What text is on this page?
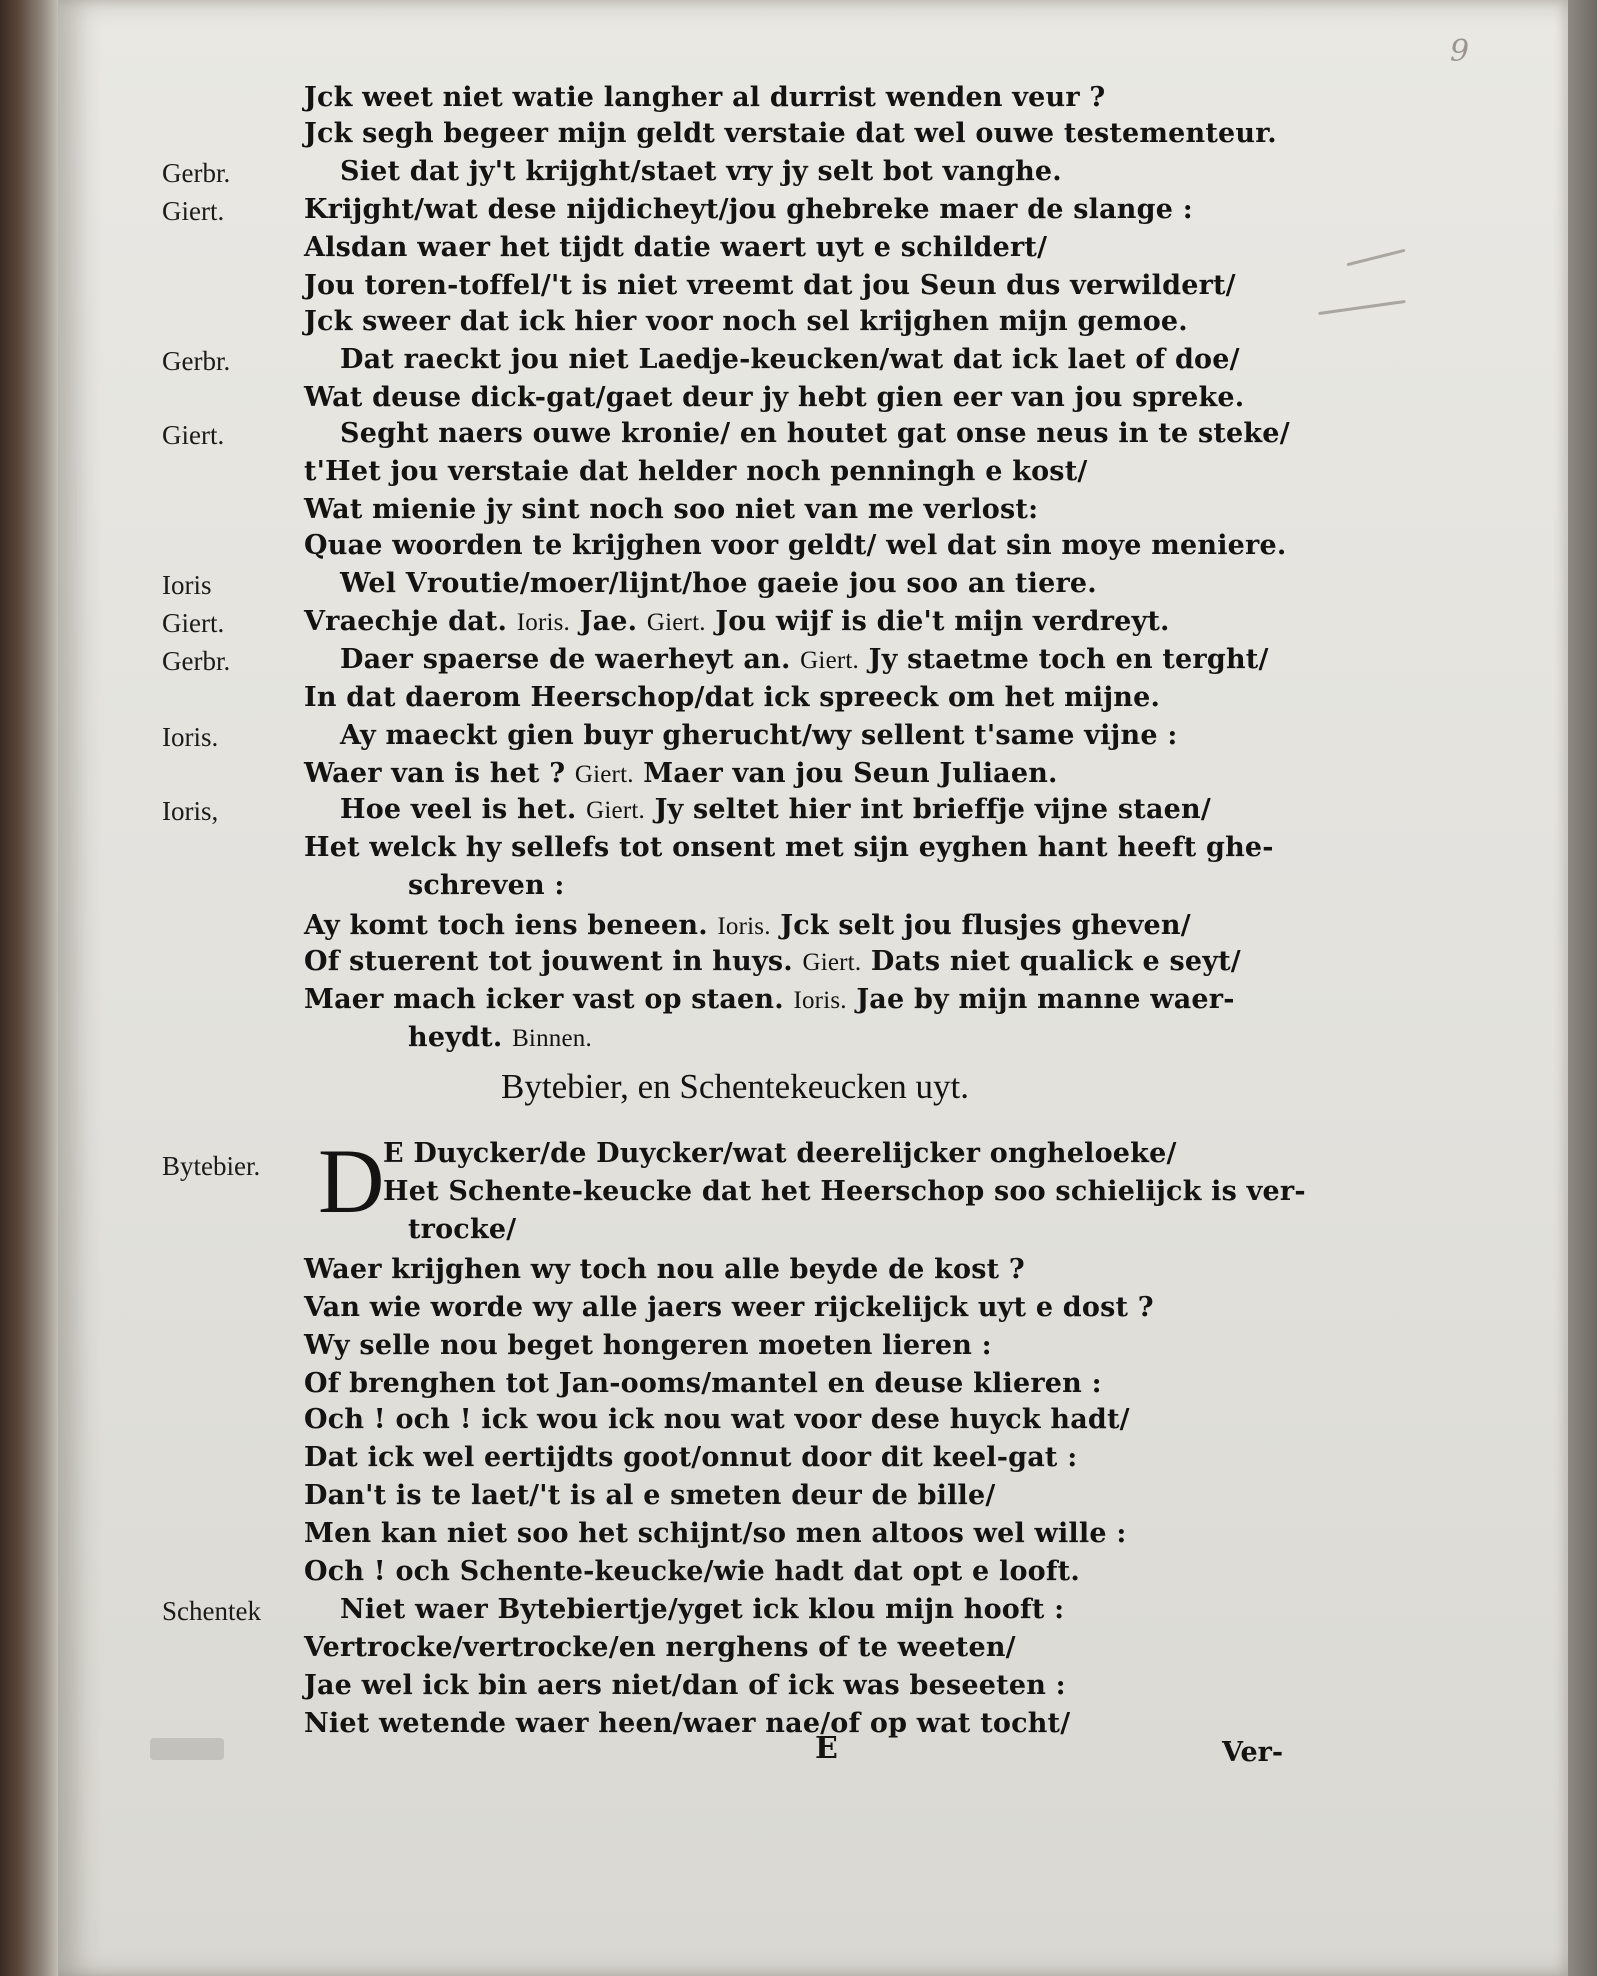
9
Jck weet niet watie langher al durrist wenden veur ?
Jck segh begeer mijn geldt verstaie dat wel ouwe testementeur.
Gerbr.	Siet dat jy't krijght/staet vry jy selt bot vanghe.
Giert.	Krijght/wat dese nijdicheyt/jou ghebreke maer de slange :
Alsdan waer het tijdt datie waert uyt e schildert/
Jou toren-toffel/'t is niet vreemt dat jou Seun dus verwildert/
Jck sweer dat ick hier voor noch sel krijghen mijn gemoe.
Gerbr.	Dat raeckt jou niet Laedje-keucken/wat dat ick laet of doe/
Wat deuse dick-gat/gaet deur jy hebt gien eer van jou spreke.
Giert.	Seght naers ouwe kronie/ en houtet gat onse neus in te steke/
t'Het jou verstaie dat helder noch penningh e kost/
Wat mienie jy sint noch soo niet van me verlost:
Quae woorden te krijghen voor geldt/ wel dat sin moye meniere.
Ioris	Wel Vroutie/moer/lijnt/hoe gaeie jou soo an tiere.
Giert.	Vraechje dat. Ioris. Jae. Giert. Jou wijf is die't mijn verdreyt.
Gerbr.	Daer spaerse de waerheyt an. Giert. Jy staetme toch en terght/
In dat daerom Heerschop/dat ick spreeck om het mijne.
Ioris.	Ay maeckt gien buyr gherucht/wy sellent t'same vijne :
Waer van is het ? Giert. Maer van jou Seun Juliaen.
Ioris,	Hoe veel is het. Giert. Jy seltet hier int brieffje vijne staen/
Het welck hy sellefs tot onsent met sijn eyghen hant heeft ghe-
schreven :
Ay komt toch iens beneen. Ioris. Jck selt jou flusjes gheven/
Of stuerent tot jouwent in huys. Giert. Dats niet qualick e seyt/
Maer mach icker vast op staen. Ioris. Jae by mijn manne waer-
heydt. Binnen.
Bytebier, en Schentekeucken uyt.
Bytebier. D
E Duycker/de Duycker/wat deerelijcker ongheloeke/
Het Schente-keucke dat het Heerschop soo schielijck is ver-
trocke/
Waer krijghen wy toch nou alle beyde de kost ?
Van wie worde wy alle jaers weer rijckelijck uyt e dost ?
Wy selle nou beget hongeren moeten lieren :
Of brenghen tot Jan-ooms/mantel en deuse klieren :
Och ! och ! ick wou ick nou wat voor dese huyck hadt/
Dat ick wel eertijdts goot/onnut door dit keel-gat :
Dan't is te laet/'t is al e smeten deur de bille/
Men kan niet soo het schijnt/so men altoos wel wille :
Och ! och Schente-keucke/wie hadt dat opt e looft.
Schentek	Niet waer Bytebiertje/yget ick klou mijn hooft :
Vertrocke/vertrocke/en nerghens of te weeten/
Jae wel ick bin aers niet/dan of ick was beseeten :
Niet wetende waer heen/waer nae/of op wat tocht/
E	Ver-
